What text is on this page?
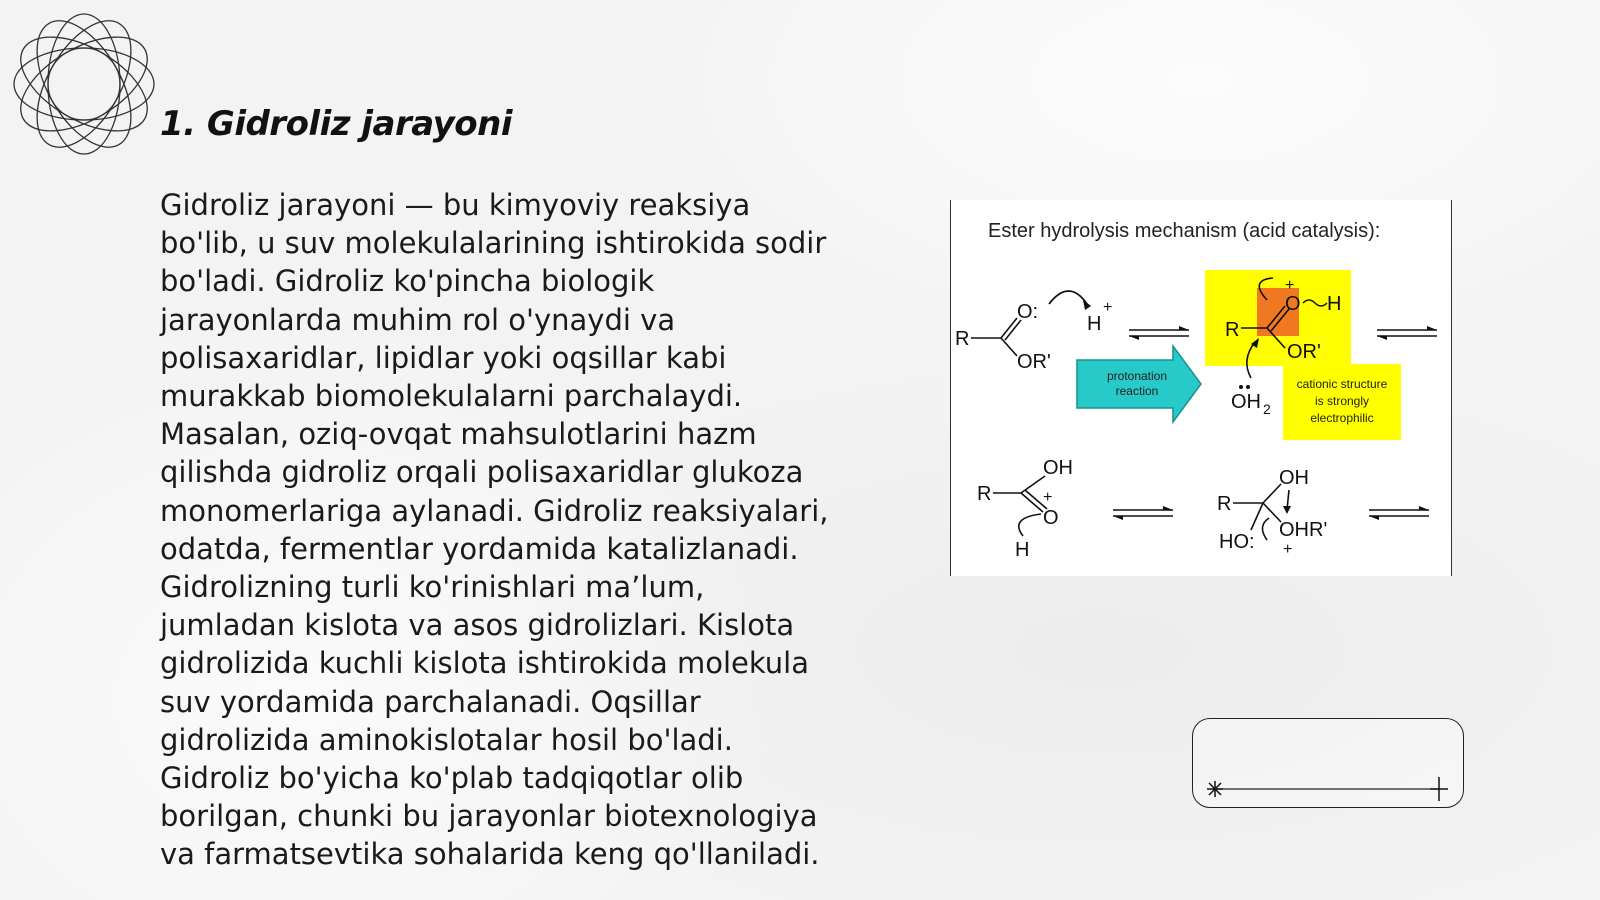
1. Gidroliz jarayoni

Gidroliz jarayoni — bu kimyoviy reaksiya bo'lib, u suv molekulalarining ishtirokida sodir bo'ladi. Gidroliz ko'pincha biologik jarayonlarda muhim rol o'ynaydi va polisaxaridlar, lipidlar yoki oqsillar kabi murakkab biomolekulalarni parchalaydi. Masalan, oziq-ovqat mahsulotlarini hazm qilishda gidroliz orqali polisaxaridlar glukoza monomerlariga aylanadi. Gidroliz reaksiyalari, odatda, fermentlar yordamida katalizlanadi. Gidrolizning turli ko'rinishlari ma’lum, jumladan kislota va asos gidrolizlari. Kislota gidrolizida kuchli kislota ishtirokida molekula suv yordamida parchalanadi. Oqsillar gidrolizida aminokislotalar hosil bo'ladi. Gidroliz bo'yicha ko'plab tadqiqotlar olib borilgan, chunki bu jarayonlar biotexnologiya va farmatsevtika sohalarida keng qo'llaniladi.

R
O:
H
+
OR'
protonation
reaction
R
O
+
H
OR'
OH 2
cationic structure
is strongly
electrophilic
R
OH
+
O
H
R
OH
HO:
OHR'
+

Ester hydrolysis mechanism (acid catalysis):
